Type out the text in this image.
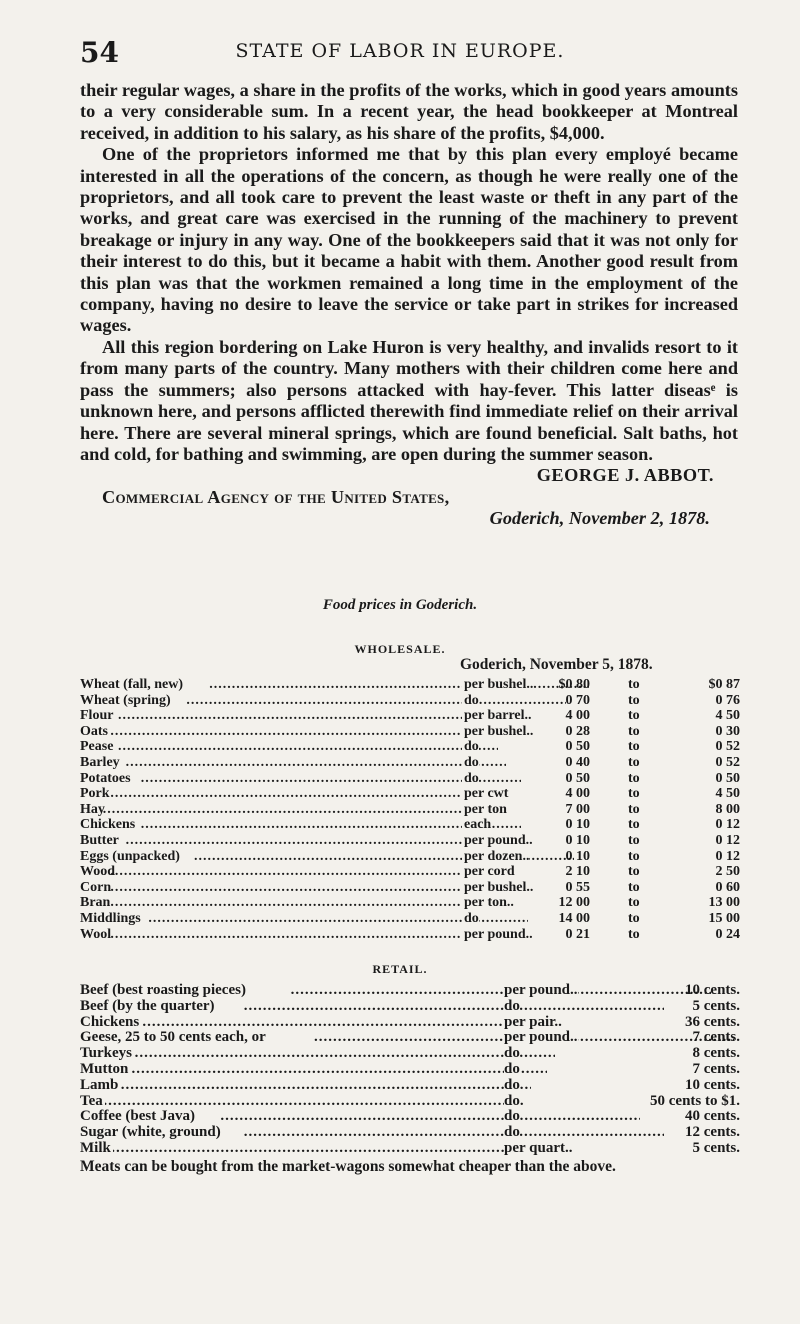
54	STATE OF LABOR IN EUROPE.

their regular wages, a share in the profits of the works, which in good years amounts to a very considerable sum. In a recent year, the head bookkeeper at Montreal received, in addition to his salary, as his share of the profits, $4,000.

One of the proprietors informed me that by this plan every employé became interested in all the operations of the concern, as though he were really one of the proprietors, and all took care to prevent the least waste or theft in any part of the works, and great care was exercised in the running of the machinery to prevent breakage or injury in any way. One of the bookkeepers said that it was not only for their interest to do this, but it became a habit with them. Another good result from this plan was that the workmen remained a long time in the employment of the company, having no desire to leave the service or take part in strikes for increased wages.

All this region bordering on Lake Huron is very healthy, and invalids resort to it from many parts of the country. Many mothers with their children come here and pass the summers; also persons attacked with hay-fever. This latter diseasᵉ is unknown here, and persons afflicted therewith find immediate relief on their arrival here. There are several mineral springs, which are found beneficial. Salt baths, hot and cold, for bathing and swimming, are open during the summer season.

GEORGE J. ABBOT.
Commercial Agency of the United States,
Goderich, November 2, 1878.
Food prices in Goderich.
WHOLESALE.
Goderich, November 5, 1878.
.....
Wheat (fall, new)	per bushel.. $0 80	to	$0 87
.....
Wheat (spring)	do	0 70	to	0 76
.....
Flour	per barrel.. 4 00	to	4 50
.....
Oats	per bushel.. 0 28	to	0 30
.....
Pease	do	0 50	to	0 52
.....
Barley	do	0 40	to	0 52
.....
Potatoes	do	0 50	to	0 50
.....
Pork	per cwt	4 00	to	4 50
.....
Hay	per ton	7 00	to	8 00
.....
Chickens	each	0 10	to	0 12
.....
Butter	per pound.. 0 10	to	0 12
.....
Eggs (unpacked)	per dozen..	0 10	to	0 12
.....
Wood	per cord	2 10	to	2 50
.....
Corn	per bushel.. 0 55	to	0 60
.....
Bran	per ton..	12 00	to	13 00
.....
Middlings	do	14 00	to	15 00
.....
Wool	per pound.. 0 21	to	0 24
RETAIL.
.....
Beef (best roasting pieces)	per pound..	10 cents.
.....
Beef (by the quarter)	do	5 cents.
.....
Chickens	per pair..	36 cents.
.....
Geese, 25 to 50 cents each, or	per pound..	7 cents.
.....
Turkeys	do	8 cents.
.....
Mutton	do	7 cents.
.....
Lamb	do	10 cents.
.....
Tea	do.	50 cents to $1.
.....
Coffee (best Java)	do	40 cents.
.....
Sugar (white, ground)	do	12 cents.
.....
Milk	per quart..	5 cents.
Meats can be bought from the market-wagons somewhat cheaper than the above.
